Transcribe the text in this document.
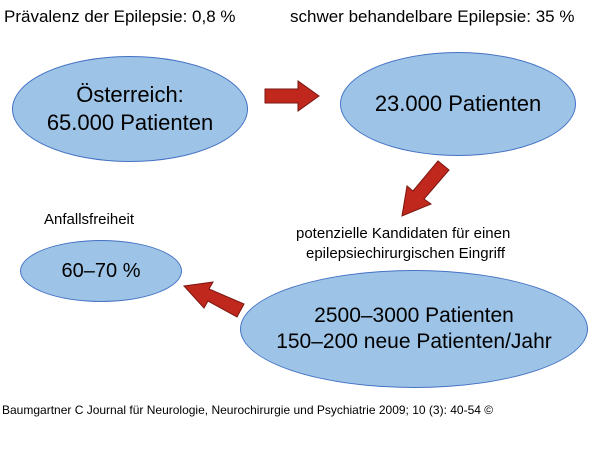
Prävalenz der Epilepsie: 0,8 %	schwer behandelbare Epilepsie: 35 %
Österreich:
65.000 Patienten
23.000 Patienten
Anfallsfreiheit
60–70 %
potenzielle Kandidaten für einen
epilepsiechirurgischen Eingriff
2500–3000 Patienten
150–200 neue Patienten/Jahr
Baumgartner C Journal für Neurologie, Neurochirurgie und Psychiatrie 2009; 10 (3): 40-54 ©
